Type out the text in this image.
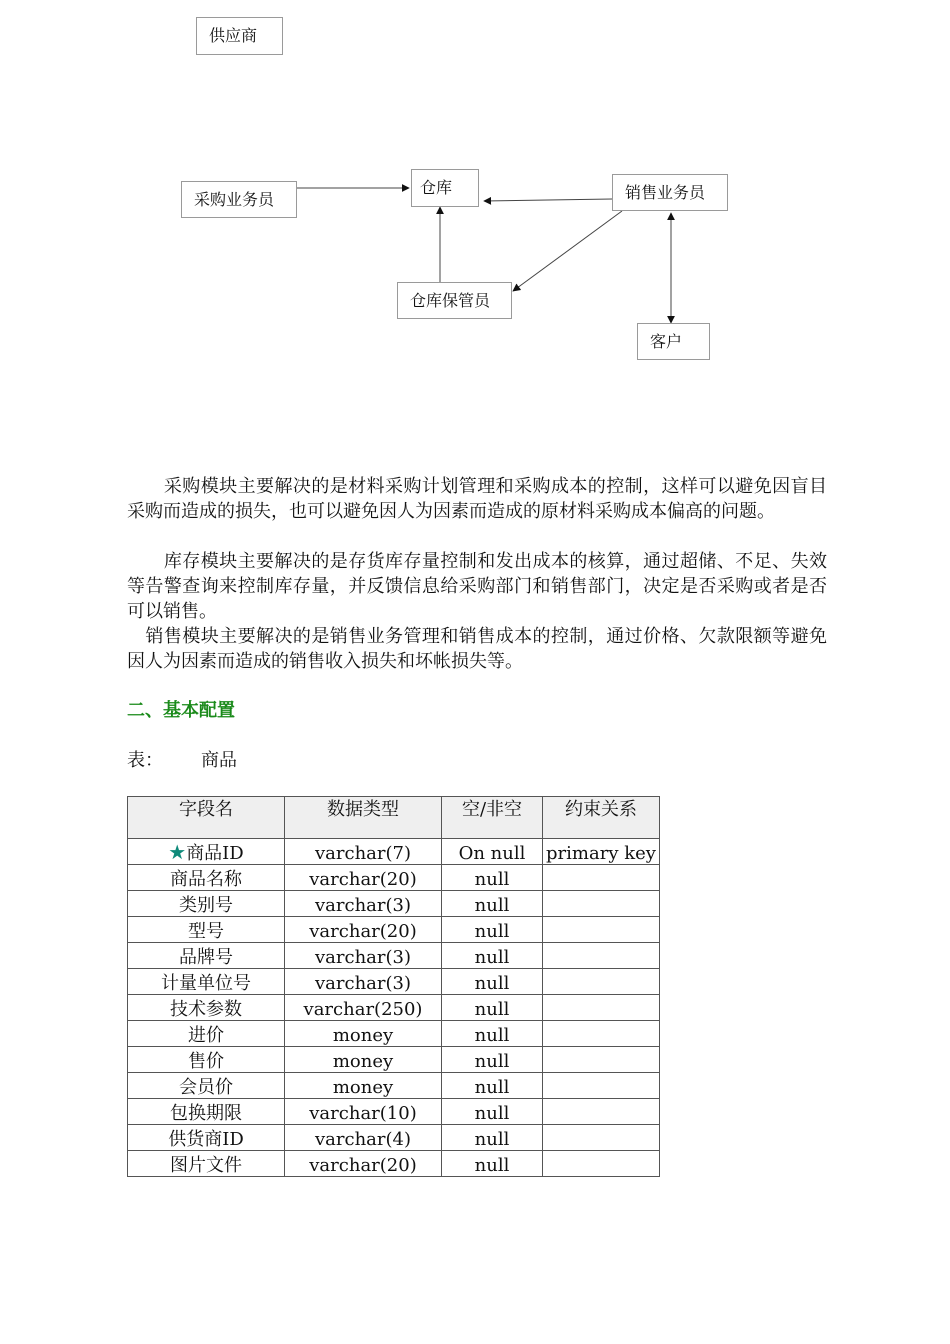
供应商
采购业务员
仓库	销售业务员
仓库保管员
客户

　　采购模块主要解决的是材料采购计划管理和采购成本的控制，这样可以避免因盲目采购而造成的损失，也可以避免因人为因素而造成的原材料采购成本偏高的问题。

　　库存模块主要解决的是存货库存量控制和发出成本的核算，通过超储、不足、失效等告警查询来控制库存量，并反馈信息给采购部门和销售部门，决定是否采购或者是否可以销售。

　销售模块主要解决的是销售业务管理和销售成本的控制，通过价格、欠款限额等避免因人为因素而造成的销售收入损失和坏帐损失等。

二、基本配置
表： 商品
字段名	数据类型	空/非空	约束关系
★商品ID	varchar(7)	On null	primary key
商品名称	varchar(20)	null	
类别号	varchar(3)	null	
型号	varchar(20)	null	
品牌号	varchar(3)	null	
计量单位号	varchar(3)	null	
技术参数	varchar(250)	null	
进价	money	null	
售价	money	null	
会员价	money	null	
包换期限	varchar(10)	null	
供货商ID	varchar(4)	null	
图片文件	varchar(20)	null	
